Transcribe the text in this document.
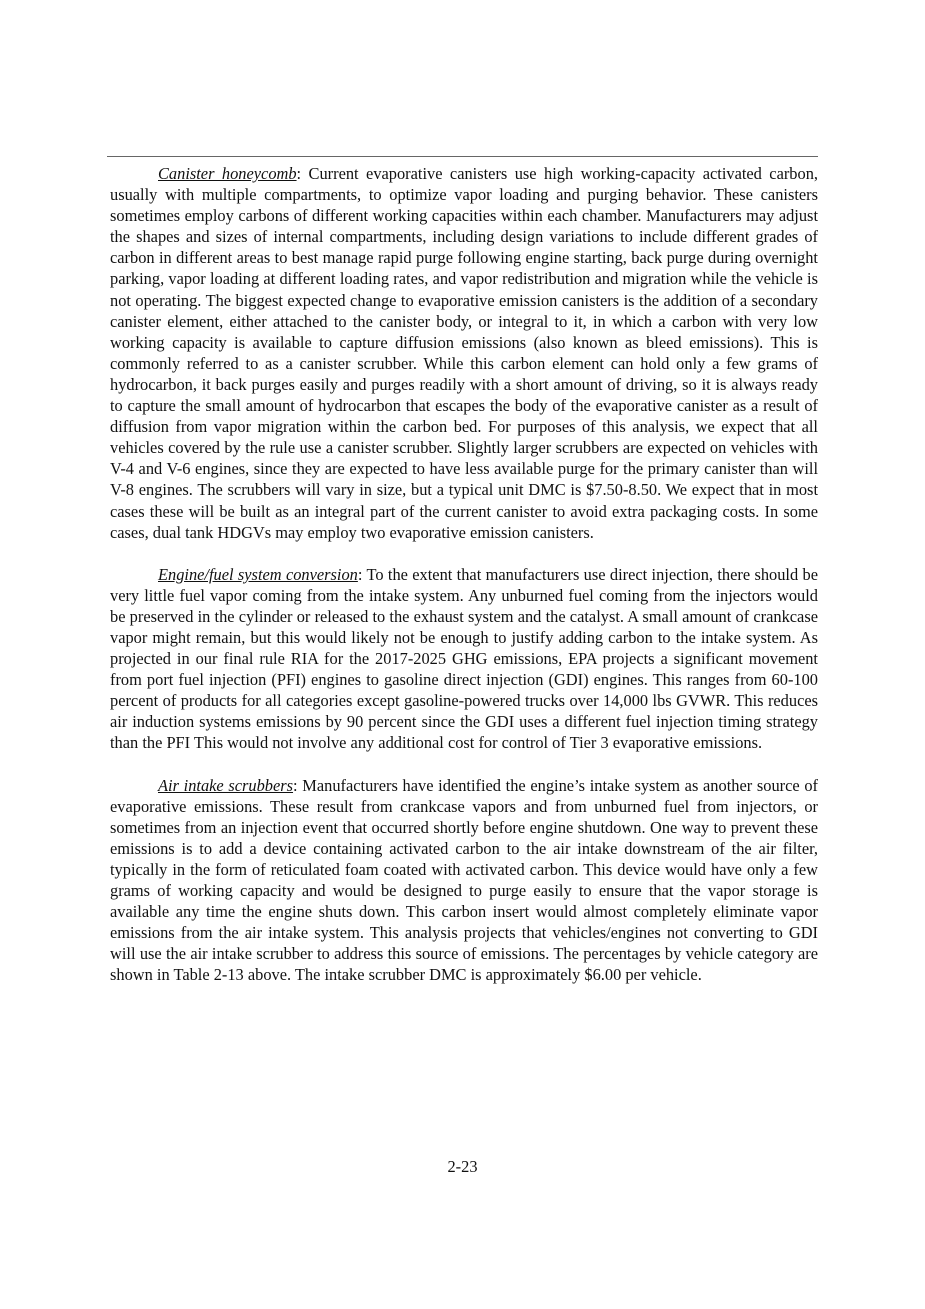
Canister honeycomb: Current evaporative canisters use high working-capacity activated carbon, usually with multiple compartments, to optimize vapor loading and purging behavior. These canisters sometimes employ carbons of different working capacities within each chamber. Manufacturers may adjust the shapes and sizes of internal compartments, including design variations to include different grades of carbon in different areas to best manage rapid purge following engine starting, back purge during overnight parking, vapor loading at different loading rates, and vapor redistribution and migration while the vehicle is not operating. The biggest expected change to evaporative emission canisters is the addition of a secondary canister element, either attached to the canister body, or integral to it, in which a carbon with very low working capacity is available to capture diffusion emissions (also known as bleed emissions). This is commonly referred to as a canister scrubber. While this carbon element can hold only a few grams of hydrocarbon, it back purges easily and purges readily with a short amount of driving, so it is always ready to capture the small amount of hydrocarbon that escapes the body of the evaporative canister as a result of diffusion from vapor migration within the carbon bed. For purposes of this analysis, we expect that all vehicles covered by the rule use a canister scrubber. Slightly larger scrubbers are expected on vehicles with V-4 and V-6 engines, since they are expected to have less available purge for the primary canister than will V-8 engines. The scrubbers will vary in size, but a typical unit DMC is $7.50-8.50. We expect that in most cases these will be built as an integral part of the current canister to avoid extra packaging costs. In some cases, dual tank HDGVs may employ two evaporative emission canisters.

Engine/fuel system conversion: To the extent that manufacturers use direct injection, there should be very little fuel vapor coming from the intake system. Any unburned fuel coming from the injectors would be preserved in the cylinder or released to the exhaust system and the catalyst. A small amount of crankcase vapor might remain, but this would likely not be enough to justify adding carbon to the intake system. As projected in our final rule RIA for the 2017-2025 GHG emissions, EPA projects a significant movement from port fuel injection (PFI) engines to gasoline direct injection (GDI) engines. This ranges from 60-100 percent of products for all categories except gasoline-powered trucks over 14,000 lbs GVWR. This reduces air induction systems emissions by 90 percent since the GDI uses a different fuel injection timing strategy than the PFI This would not involve any additional cost for control of Tier 3 evaporative emissions.

Air intake scrubbers: Manufacturers have identified the engine’s intake system as another source of evaporative emissions. These result from crankcase vapors and from unburned fuel from injectors, or sometimes from an injection event that occurred shortly before engine shutdown. One way to prevent these emissions is to add a device containing activated carbon to the air intake downstream of the air filter, typically in the form of reticulated foam coated with activated carbon. This device would have only a few grams of working capacity and would be designed to purge easily to ensure that the vapor storage is available any time the engine shuts down. This carbon insert would almost completely eliminate vapor emissions from the air intake system. This analysis projects that vehicles/engines not converting to GDI will use the air intake scrubber to address this source of emissions. The percentages by vehicle category are shown in Table 2-13 above. The intake scrubber DMC is approximately $6.00 per vehicle.

2-23
